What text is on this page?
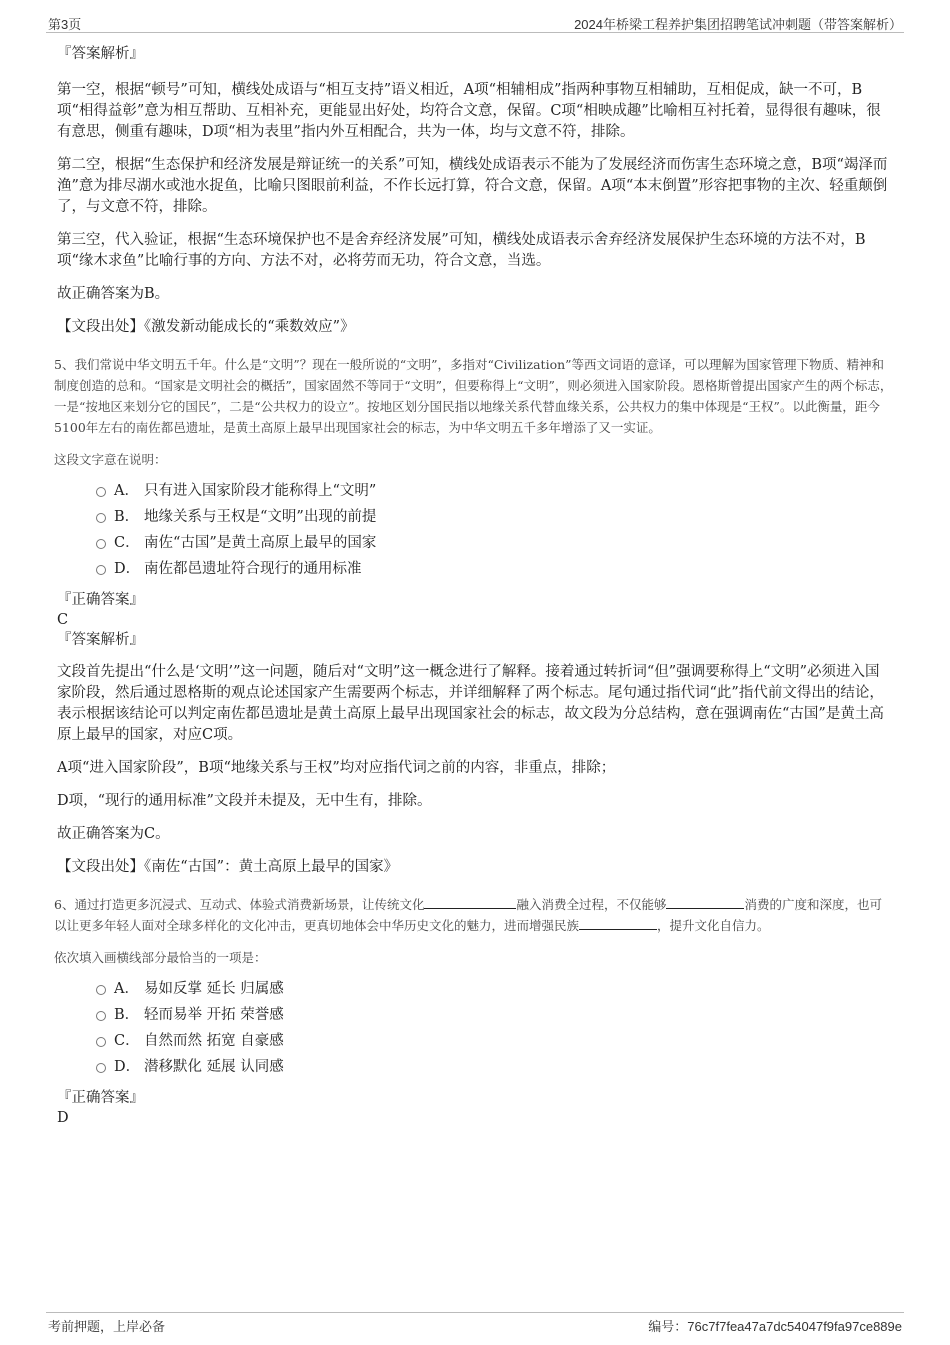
第3页	2024年桥梁工程养护集团招聘笔试冲刺题（带答案解析）

『答案解析』

第一空，根据“顿号”可知，横线处成语与“相互支持”语义相近，A项“相辅相成”指两种事物互相辅助，互相促成，缺一不可，B项“相得益彰”意为相互帮助、互相补充，更能显出好处，均符合文意，保留。C项“相映成趣”比喻相互衬托着，显得很有趣味，很有意思，侧重有趣味，D项“相为表里”指内外互相配合，共为一体，均与文意不符，排除。

第二空，根据“生态保护和经济发展是辩证统一的关系”可知，横线处成语表示不能为了发展经济而伤害生态环境之意，B项“竭泽而渔”意为排尽湖水或池水捉鱼，比喻只图眼前利益，不作长远打算，符合文意，保留。A项“本末倒置”形容把事物的主次、轻重颠倒了，与文意不符，排除。

第三空，代入验证，根据“生态环境保护也不是舍弃经济发展”可知，横线处成语表示舍弃经济发展保护生态环境的方法不对，B项“缘木求鱼”比喻行事的方向、方法不对，必将劳而无功，符合文意，当选。

故正确答案为B。

【文段出处】《激发新动能成长的“乘数效应”》

5、我们常说中华文明五千年。什么是“文明”？现在一般所说的“文明”，多指对“Civilization”等西文词语的意译，可以理解为国家管理下物质、精神和制度创造的总和。“国家是文明社会的概括”，国家固然不等同于“文明”，但要称得上“文明”，则必须进入国家阶段。恩格斯曾提出国家产生的两个标志，一是“按地区来划分它的国民”，二是“公共权力的设立”。按地区划分国民指以地缘关系代替血缘关系，公共权力的集中体现是“王权”。以此衡量，距今5100年左右的南佐都邑遗址，是黄土高原上最早出现国家社会的标志，为中华文明五千多年增添了又一实证。

这段文字意在说明：

A． 只有进入国家阶段才能称得上“文明”
B． 地缘关系与王权是“文明”出现的前提
C． 南佐“古国”是黄土高原上最早的国家
D． 南佐都邑遗址符合现行的通用标准

『正确答案』

C

『答案解析』

文段首先提出“什么是‘文明’”这一问题，随后对“文明”这一概念进行了解释。接着通过转折词“但”强调要称得上“文明”必须进入国家阶段，然后通过恩格斯的观点论述国家产生需要两个标志，并详细解释了两个标志。尾句通过指代词“此”指代前文得出的结论，表示根据该结论可以判定南佐都邑遗址是黄土高原上最早出现国家社会的标志，故文段为分总结构，意在强调南佐“古国”是黄土高原上最早的国家，对应C项。

A项“进入国家阶段”，B项“地缘关系与王权”均对应指代词之前的内容，非重点，排除；

D项，“现行的通用标准”文段并未提及，无中生有，排除。

故正确答案为C。

【文段出处】《南佐“古国”：黄土高原上最早的国家》

6、通过打造更多沉浸式、互动式、体验式消费新场景，让传统文化	融入消费全过程，不仅能够	消费的广度和深度，也可以让更多年轻人面对全球多样化的文化冲击，更真切地体会中华历史文化的魅力，进而增强民族	，提升文化自信力。

依次填入画横线部分最恰当的一项是：

A． 易如反掌 延长 归属感
B． 轻而易举 开拓 荣誉感
C． 自然而然 拓宽 自豪感
D． 潜移默化 延展 认同感

『正确答案』

D

考前押题，上岸必备	编号：76c7f7fea47a7dc54047f9fa97ce889e
